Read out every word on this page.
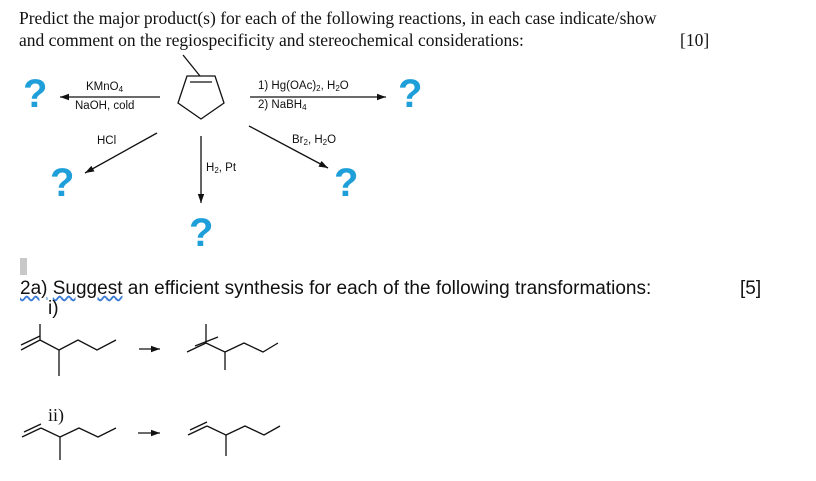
Predict the major product(s) for each of the following reactions, in each case indicate/show
and comment on the regiospecificity and stereochemical considerations:	[10]
?	?
?	?
?
KMnO$_4$
NaOH, cold
1) $Hg(OAc)_2$, $H_2O$
2) NaBH$_4$
HCl	$Br_2$, $H_2O$
$H_2$, Pt
2a) Suggest an efficient synthesis for each of the following transformations:	[5]
i)
ii)
